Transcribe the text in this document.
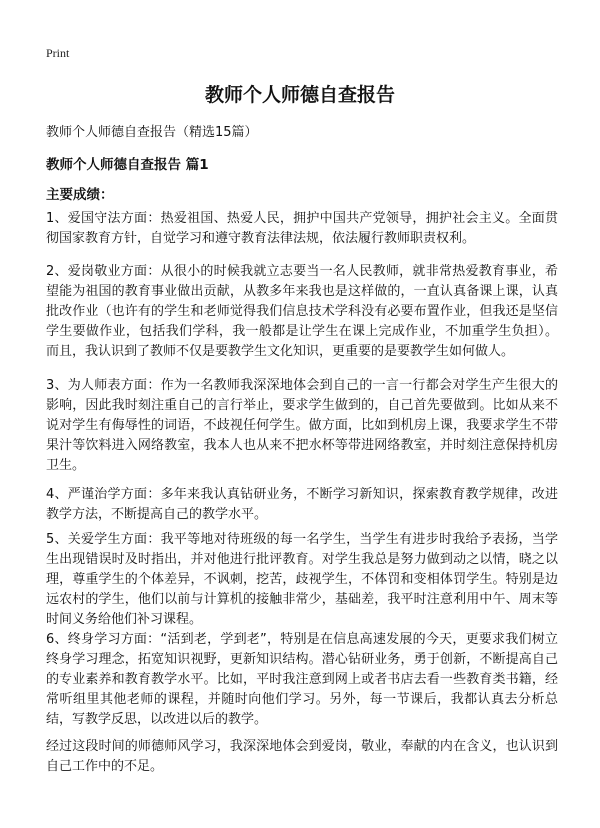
Print
教师个人师德自查报告

教师个人师德自查报告（精选15篇）

教师个人师德自查报告 篇1

主要成绩：

1、爱国守法方面：热爱祖国、热爱人民，拥护中国共产党领导，拥护社会主义。全面贯彻国家教育方针，自觉学习和遵守教育法律法规，依法履行教师职责权利。

2、爱岗敬业方面：从很小的时候我就立志要当一名人民教师，就非常热爱教育事业，希望能为祖国的教育事业做出贡献，从教多年来我也是这样做的，一直认真备课上课，认真批改作业（也许有的学生和老师觉得我们信息技术学科没有必要布置作业，但我还是坚信学生要做作业，包括我们学科，我一般都是让学生在课上完成作业，不加重学生负担）。而且，我认识到了教师不仅是要教学生文化知识，更重要的是要教学生如何做人。

3、为人师表方面：作为一名教师我深深地体会到自己的一言一行都会对学生产生很大的影响，因此我时刻注重自己的言行举止，要求学生做到的，自己首先要做到。比如从来不说对学生有侮辱性的词语，不歧视任何学生。做方面，比如到机房上课，我要求学生不带果汁等饮料进入网络教室，我本人也从来不把水杯等带进网络教室，并时刻注意保持机房卫生。

4、严谨治学方面：多年来我认真钻研业务，不断学习新知识，探索教育教学规律，改进教学方法，不断提高自己的教学水平。

5、关爱学生方面：我平等地对待班级的每一名学生，当学生有进步时我给予表扬，当学生出现错误时及时指出，并对他进行批评教育。对学生我总是努力做到动之以情，晓之以理，尊重学生的个体差异，不讽刺，挖苦，歧视学生，不体罚和变相体罚学生。特别是边远农村的学生，他们以前与计算机的接触非常少，基础差，我平时注意利用中午、周末等时间义务给他们补习课程。

6、终身学习方面：“活到老，学到老”，特别是在信息高速发展的今天，更要求我们树立终身学习理念，拓宽知识视野，更新知识结构。潜心钻研业务，勇于创新，不断提高自己的专业素养和教育教学水平。比如，平时我注意到网上或者书店去看一些教育类书籍，经常听组里其他老师的课程，并随时向他们学习。另外，每一节课后，我都认真去分析总结，写教学反思，以改进以后的教学。

经过这段时间的师德师风学习，我深深地体会到爱岗，敬业，奉献的内在含义，也认识到自己工作中的不足。
